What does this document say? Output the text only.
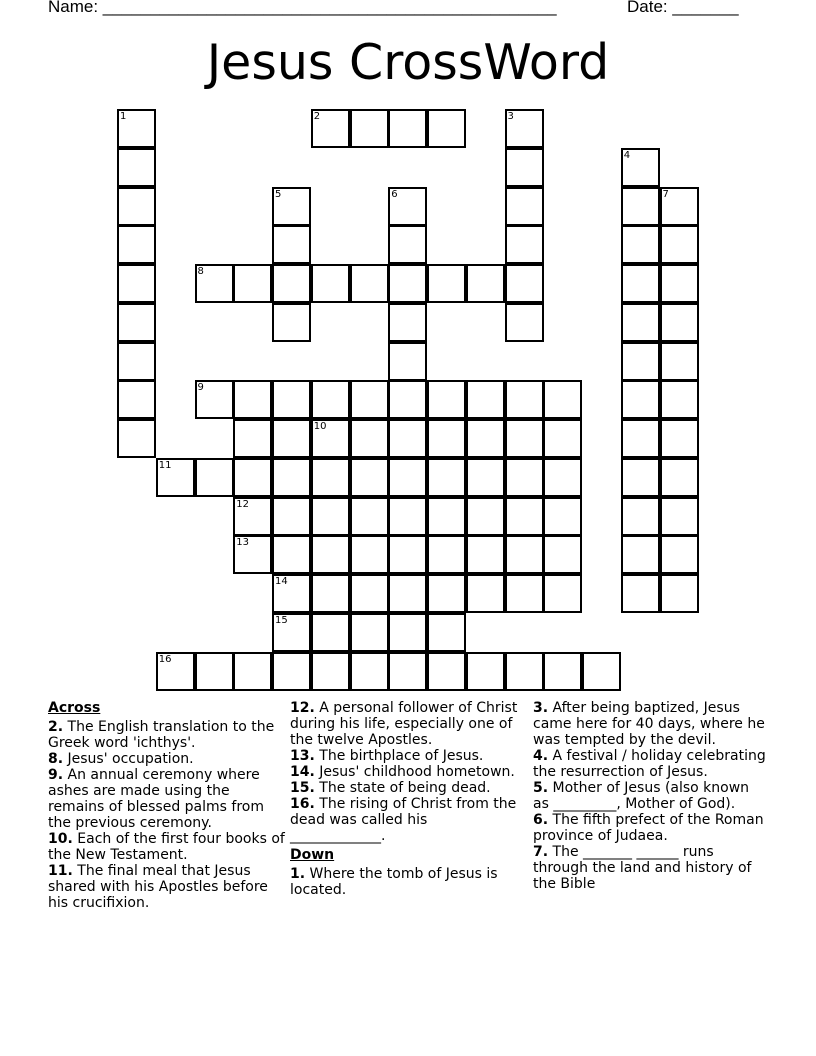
Name: ________________________________________________	Date: _______
Jesus CrossWord
2
8
9
10
11
12
13
14
15
16
1	3
4
5	6	7
Across
2. The English translation to the Greek word 'ichthys'.
8. Jesus' occupation.
9. An annual ceremony where ashes are made using the remains of blessed palms from the previous ceremony.
10. Each of the first four books of the New Testament.
11. The final meal that Jesus shared with his Apostles before his crucifixion.
12. A personal follower of Christ during his life, especially one of the twelve Apostles.
13. The birthplace of Jesus.
14. Jesus' childhood hometown.
15. The state of being dead.
16. The rising of Christ from the dead was called his _____________.
Down
1. Where the tomb of Jesus is located.
3. After being baptized, Jesus came here for 40 days, where he was tempted by the devil.
4. A festival / holiday celebrating the resurrection of Jesus.
5. Mother of Jesus (also known as _________, Mother of God).
6. The fifth prefect of the Roman province of Judaea.
7. The _______ ______ runs through the land and history of the Bible
